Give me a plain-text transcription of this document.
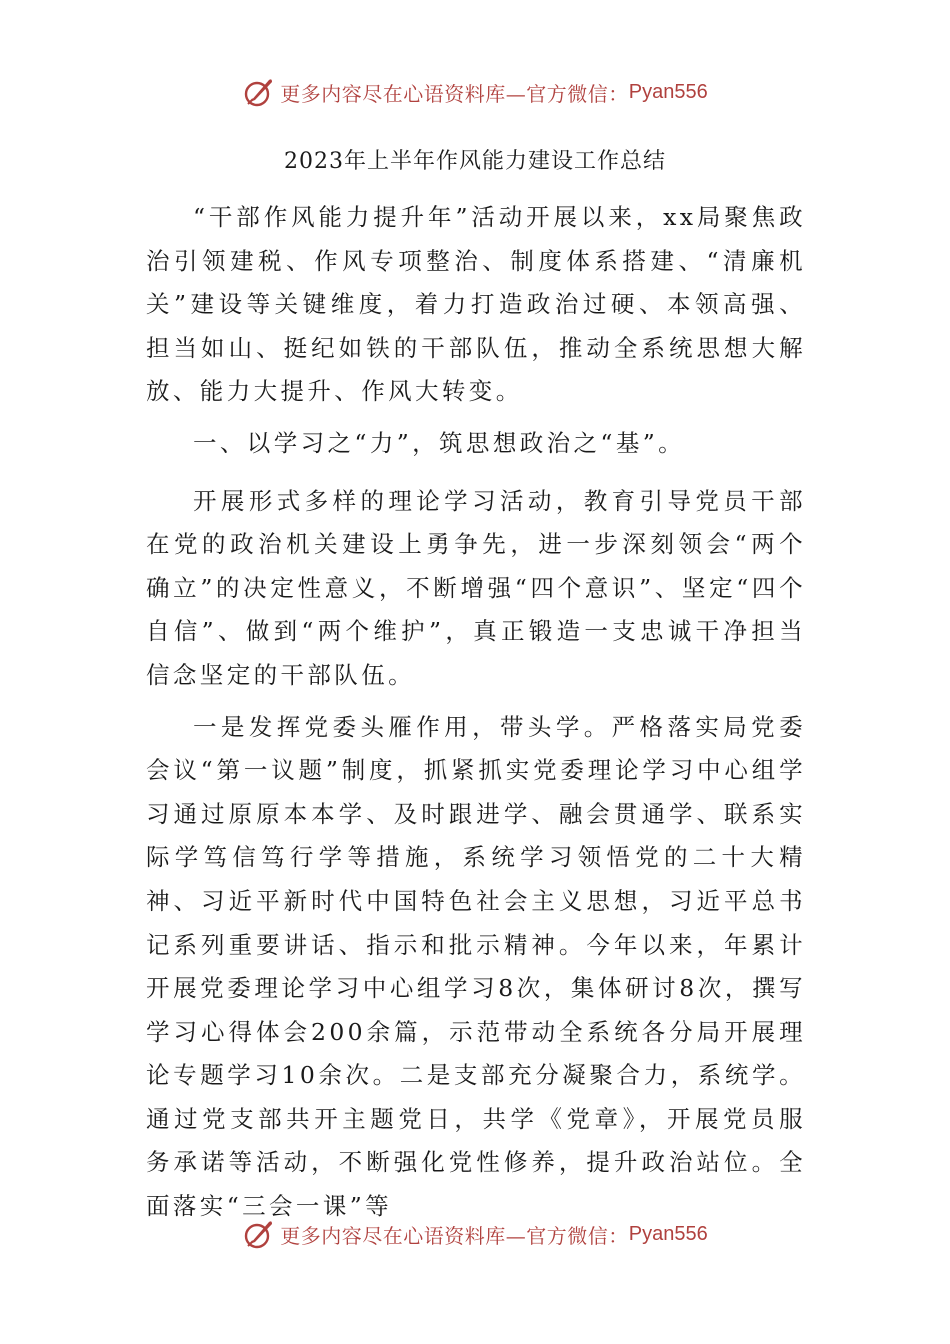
更多内容尽在心语资料库—官方微信： Pyan556
2023年上半年作风能力建设工作总结

“干部作风能力提升年”活动开展以来，xx局聚焦政治引领建税、作风专项整治、制度体系搭建、“清廉机关”建设等关键维度，着力打造政治过硬、本领高强、担当如山、挺纪如铁的干部队伍，推动全系统思想大解放、能力大提升、作风大转变。

一、以学习之“力”，筑思想政治之“基”。

开展形式多样的理论学习活动，教育引导党员干部在党的政治机关建设上勇争先，进一步深刻领会“两个确立”的决定性意义，不断增强“四个意识”、坚定“四个自信”、做到“两个维护”，真正锻造一支忠诚干净担当信念坚定的干部队伍。

一是发挥党委头雁作用，带头学。严格落实局党委会议“第一议题”制度，抓紧抓实党委理论学习中心组学习通过原原本本学、及时跟进学、融会贯通学、联系实际学笃信笃行学等措施，系统学习领悟党的二十大精神、习近平新时代中国特色社会主义思想，习近平总书记系列重要讲话、指示和批示精神。今年以来，年累计开展党委理论学习中心组学习8次，集体研讨8次，撰写学习心得体会200余篇，示范带动全系统各分局开展理论专题学习10余次。二是支部充分凝聚合力，系统学。通过党支部共开主题党日，共学《党章》，开展党员服务承诺等活动，不断强化党性修养，提升政治站位。全面落实“三会一课”等

更多内容尽在心语资料库—官方微信： Pyan556
